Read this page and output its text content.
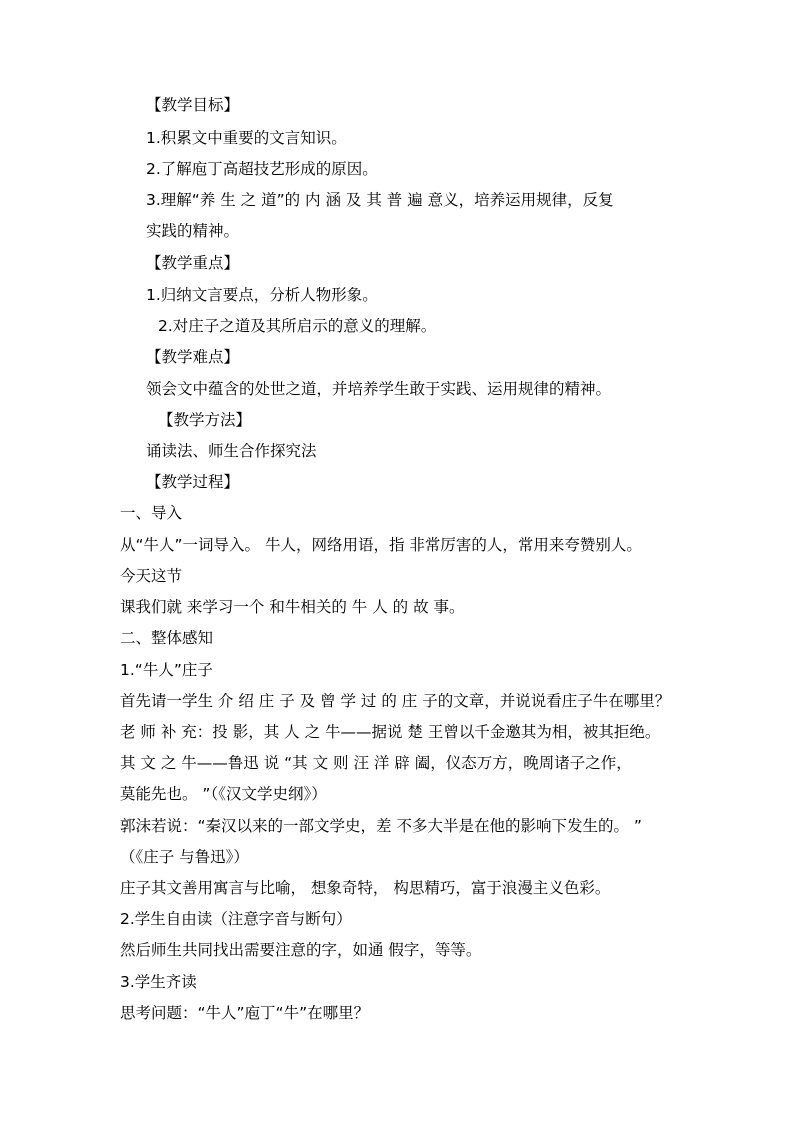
【教学目标】
1.积累文中重要的文言知识。
2.了解庖丁高超技艺形成的原因。
3.理解“养 生 之 道”的 内 涵 及 其 普 遍 意义，培养运用规律，反复
实践的精神。
【教学重点】
1.归纳文言要点，分析人物形象。
2.对庄子之道及其所启示的意义的理解。
【教学难点】
领会文中蕴含的处世之道，并培养学生敢于实践、运用规律的精神。
【教学方法】
诵读法、师生合作探究法
【教学过程】
一、导入
从“牛人”一词导入。 牛人，网络用语，指 非常厉害的人，常用来夸赞别人。
今天这节
课我们就 来学习一个 和牛相关的 牛 人 的 故 事。
二、整体感知
1.“牛人”庄子
首先请一学生 介 绍 庄 子 及 曾 学 过 的 庄 子的文章，并说说看庄子牛在哪里？
老 师 补 充：投 影，其 人 之 牛——据说 楚 王曾以千金邀其为相，被其拒绝。
其 文 之 牛——鲁迅 说 “其 文 则 汪 洋 辟 阖，仪态万方，晚周诸子之作，
莫能先也。 ”（《汉文学史纲》）
郭沫若说：“秦汉以来的一部文学史，差 不多大半是在他的影响下发生的。 ”
（《庄子 与鲁迅》）
庄子其文善用寓言与比喻， 想象奇特， 构思精巧，富于浪漫主义色彩。
2.学生自由读（注意字音与断句）
然后师生共同找出需要注意的字，如通 假字，等等。
3.学生齐读
思考问题：“牛人”庖丁“牛”在哪里？
